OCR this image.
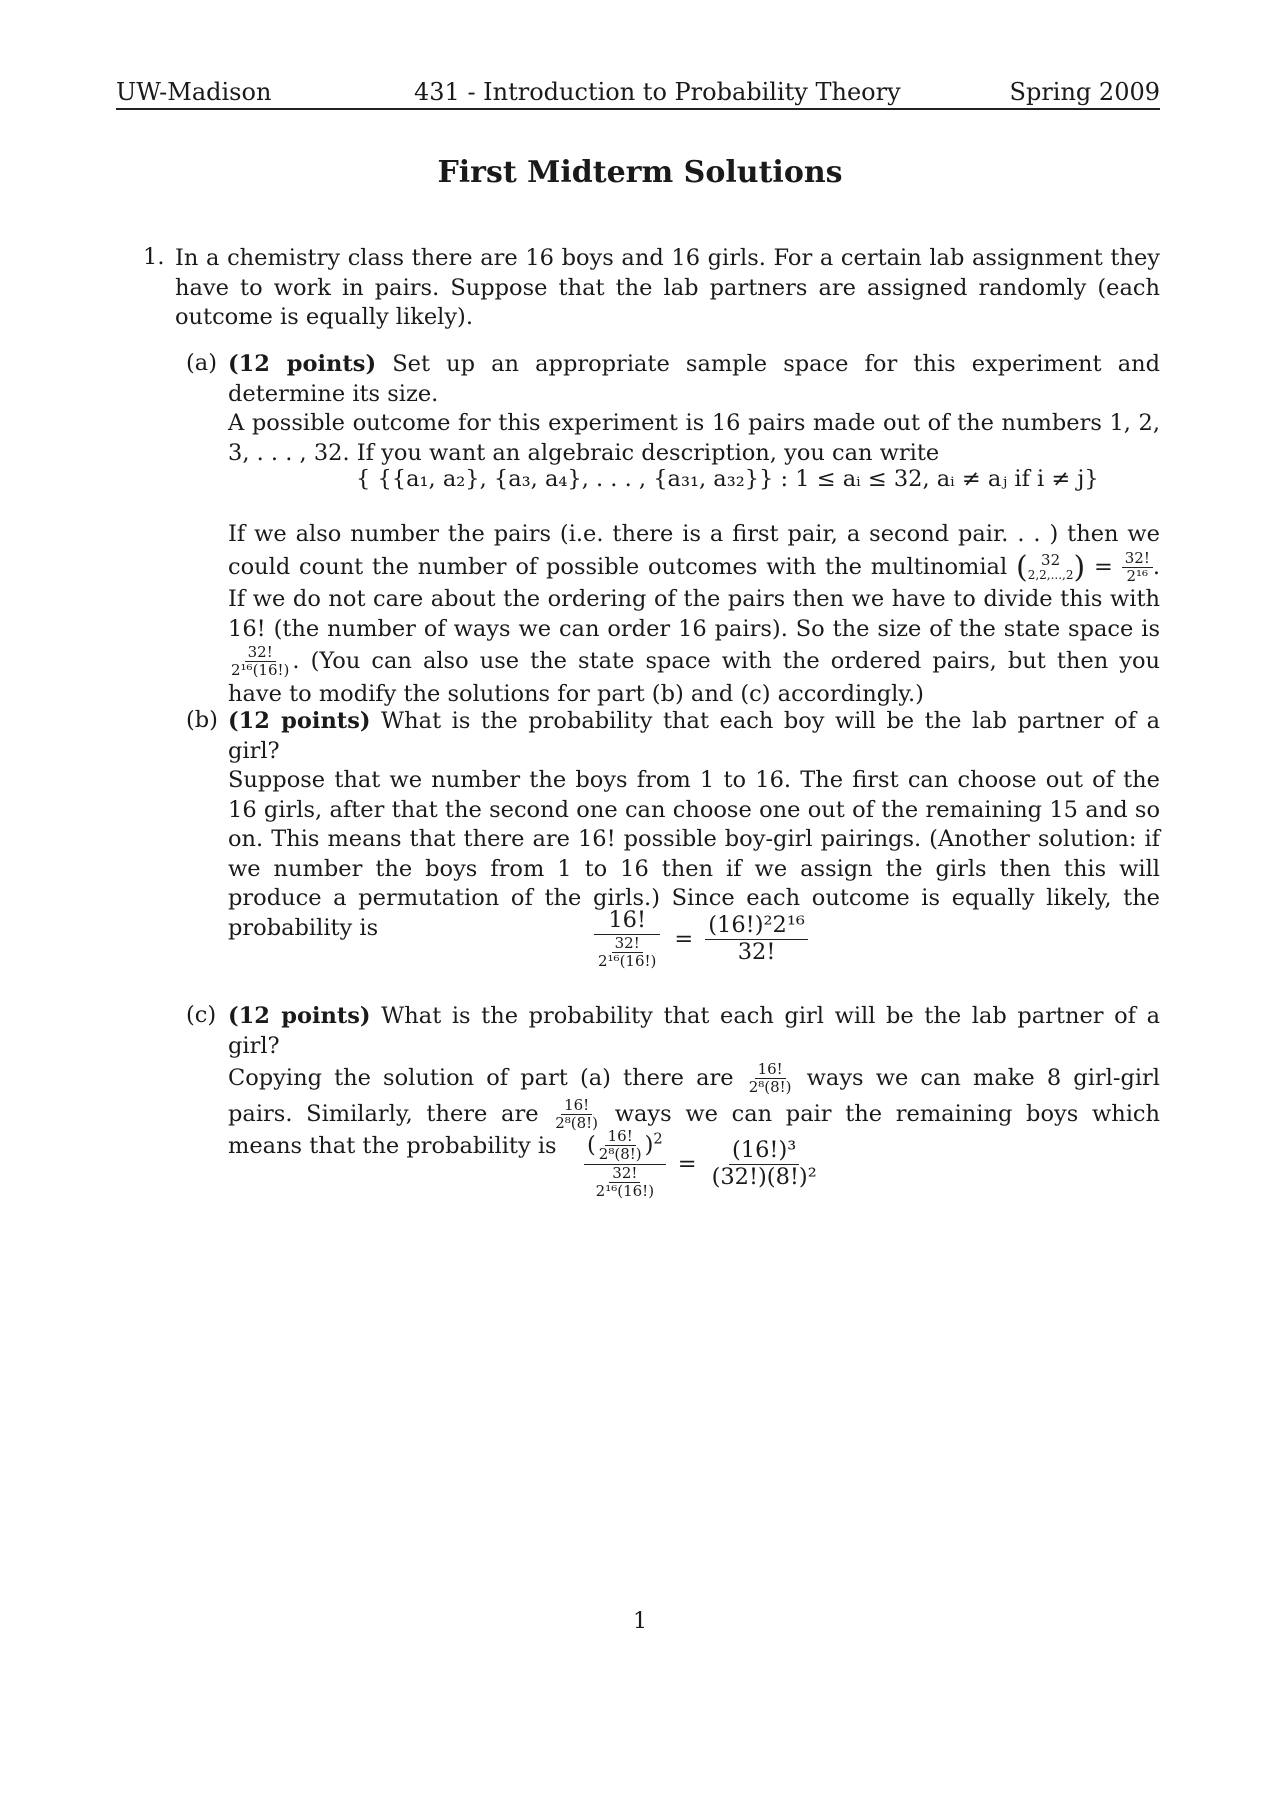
UW-Madison	431 - Introduction to Probability Theory	Spring 2009
First Midterm Solutions
1. In a chemistry class there are 16 boys and 16 girls. For a certain lab assignment they have to work in pairs. Suppose that the lab partners are assigned randomly (each outcome is equally likely).
(a) (12 points) Set up an appropriate sample space for this experiment and determine its size.
A possible outcome for this experiment is 16 pairs made out of the numbers 1, 2, 3, . . . , 32. If you want an algebraic description, you can write
{ {{a₁, a₂}, {a₃, a₄}, . . . , {a₃₁, a₃₂}} : 1 ≤ aᵢ ≤ 32, aᵢ ≠ aⱼ if i ≠ j}
If we also number the pairs (i.e. there is a first pair, a second pair. . . ) then we could count the number of possible outcomes with the multinomial ( 32
2,2,...,2 ) = $\frac{32!}{\text{2¹⁶}}$ . If we do not care about the ordering of the pairs then we have to divide this with 16! (the number of ways we can order 16 pairs). So the size of the state space is
$\frac{32!}{\text{2¹⁶(16!)}}$ . (You can also use the state space with the ordered pairs, but then you have to modify the solutions for part (b) and (c) accordingly.)
(b) (12 points) What is the probability that each boy will be the lab partner of a girl?
Suppose that we number the boys from 1 to 16. The first can choose out of the 16 girls, after that the second one can choose one out of the remaining 15 and so on. This means that there are 16! possible boy-girl pairings. (Another solution: if we number the boys from 1 to 16 then if we assign the girls then this will produce a permutation of the girls.) Since each outcome is equally likely, the probability is	$\frac{16!}{\frac{32!}{\text{2¹⁶(16!)}}} = \frac{\text{(16!)²2¹⁶}}{32!}$
(c) (12 points) What is the probability that each girl will be the lab partner of a girl?
Copying the solution of part (a) there are $\frac{16!}{\text{2⁸(8!)}}$ ways we can make 8 girl-girl pairs. Similarly, there are $\frac{16!}{\text{2⁸(8!)}}$ ways we can pair the remaining boys which means that the probability is	$\frac{( \frac{16!}{\text{2⁸(8!)}} )^2}{\frac{32!}{\text{2¹⁶(16!)}}} = \frac{\text{(16!)³}}{\text{(32!)(8!)²}}$
1
